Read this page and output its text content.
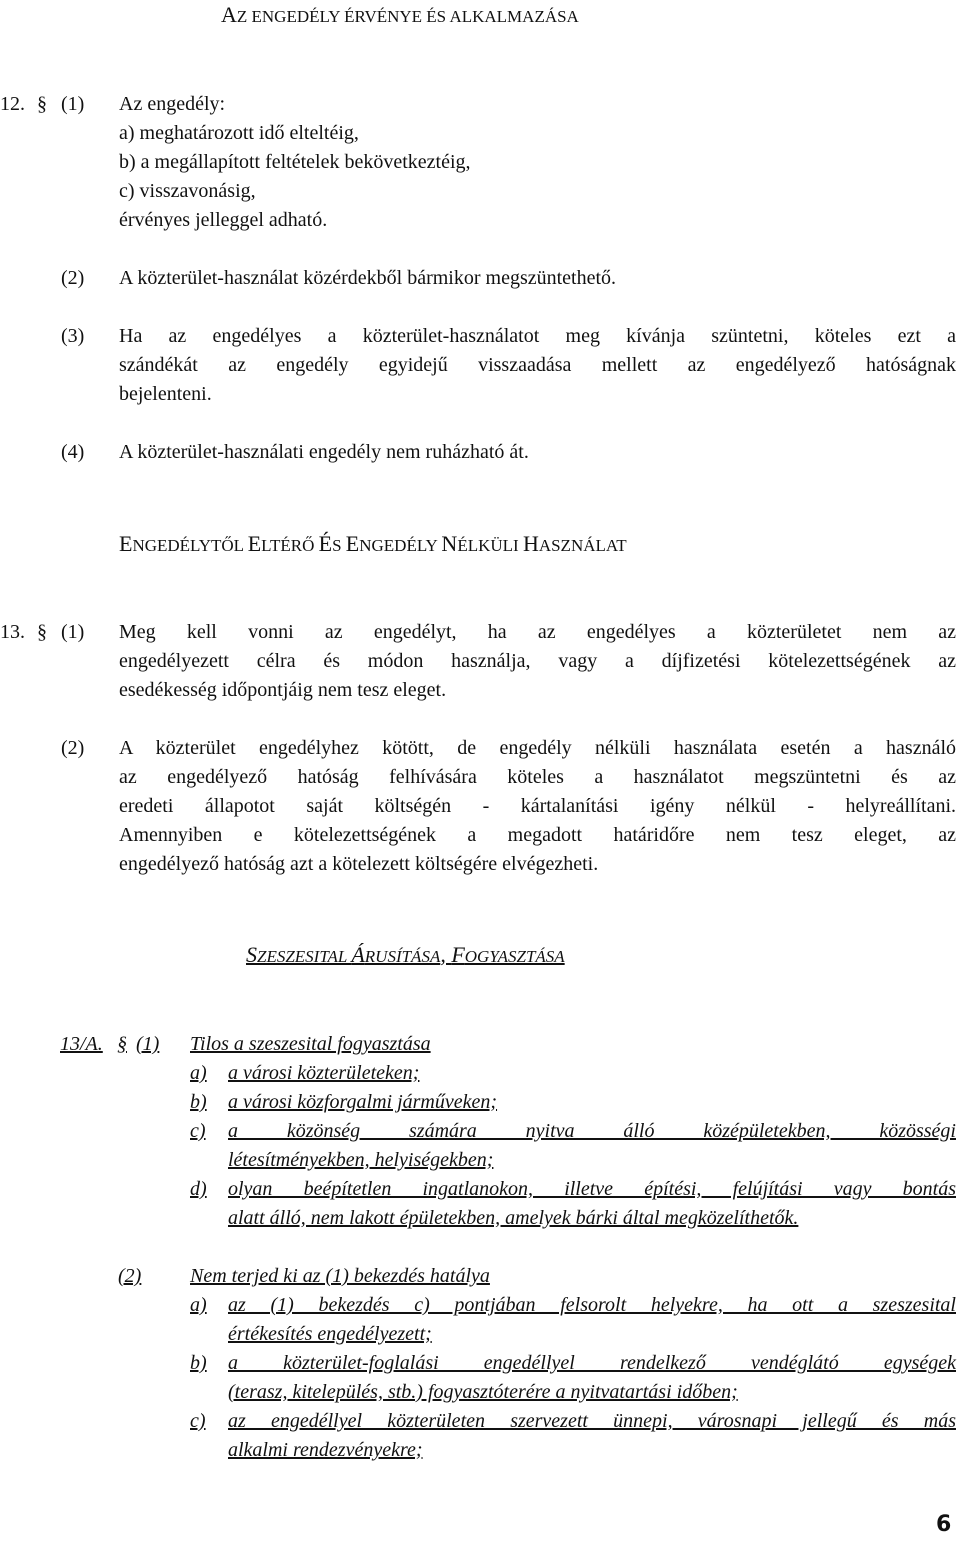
AZ ENGEDÉLY ÉRVÉNYE ÉS ALKALMAZÁSA
12. § (1) Az engedély:
a) meghatározott idő elteltéig,
b) a megállapított feltételek bekövetkeztéig,
c) visszavonásig,
érvényes jelleggel adható.
(2) A közterület-használat közérdekből bármikor megszüntethető.
(3) Ha az engedélyes a közterület-használatot meg kívánja szüntetni, köteles ezt a
szándékát az engedély egyidejű visszaadása mellett az engedélyező hatóságnak
bejelenteni.
(4) A közterület-használati engedély nem ruházható át.
ENGEDÉLYTŐL ELTÉRŐ ÉS ENGEDÉLY NÉLKÜLI HASZNÁLAT
13. § (1) Meg kell vonni az engedélyt, ha az engedélyes a közterületet nem az
engedélyezett célra és módon használja, vagy a díjfizetési kötelezettségének az
esedékesség időpontjáig nem tesz eleget.
(2) A közterület engedélyhez kötött, de engedély nélküli használata esetén a használó
az engedélyező hatóság felhívására köteles a használatot megszüntetni és az
eredeti állapotot saját költségén - kártalanítási igény nélkül - helyreállítani.
Amennyiben e kötelezettségének a megadott határidőre nem tesz eleget, az
engedélyező hatóság azt a kötelezett költségére elvégezheti.
SZESZESITAL ÁRUSÍTÁSA, FOGYASZTÁSA
13/A. § (1) Tilos a szeszesital fogyasztása
a) a városi közterületeken;
b) a városi közforgalmi járműveken;
c) a közönség számára nyitva álló középületekben, közösségi
létesítményekben, helyiségekben;
d) olyan beépítetlen ingatlanokon, illetve építési, felújítási vagy bontás
alatt álló, nem lakott épületekben, amelyek bárki által megközelíthetők.
(2) Nem terjed ki az (1) bekezdés hatálya
a) az (1) bekezdés c) pontjában felsorolt helyekre, ha ott a szeszesital
értékesítés engedélyezett;
b) a közterület-foglalási engedéllyel rendelkező vendéglátó egységek
(terasz, kitelepülés, stb.) fogyasztóterére a nyitvatartási időben;
c) az engedéllyel közterületen szervezett ünnepi, városnapi jellegű és más
alkalmi rendezvényekre;
6
